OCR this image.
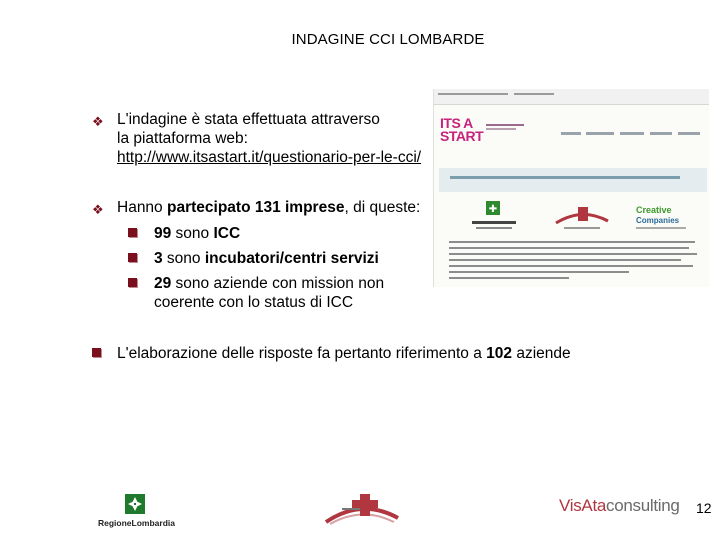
INDAGINE CCI LOMBARDE
❖ L'indagine è stata effettuata attraverso
la piattaforma web:
http://www.itsastart.it/questionario-per-le-cci/
❖ Hanno partecipato 131 imprese, di queste:
99 sono ICC
3 sono incubatori/centri servizi
29 sono aziende con mission non
coerente con lo status di ICC
L'elaborazione delle risposte fa pertanto riferimento a 102 aziende
ITS A
START
✚	Creative
Companies
RegioneLombardia
VisAtaconsulting 12
